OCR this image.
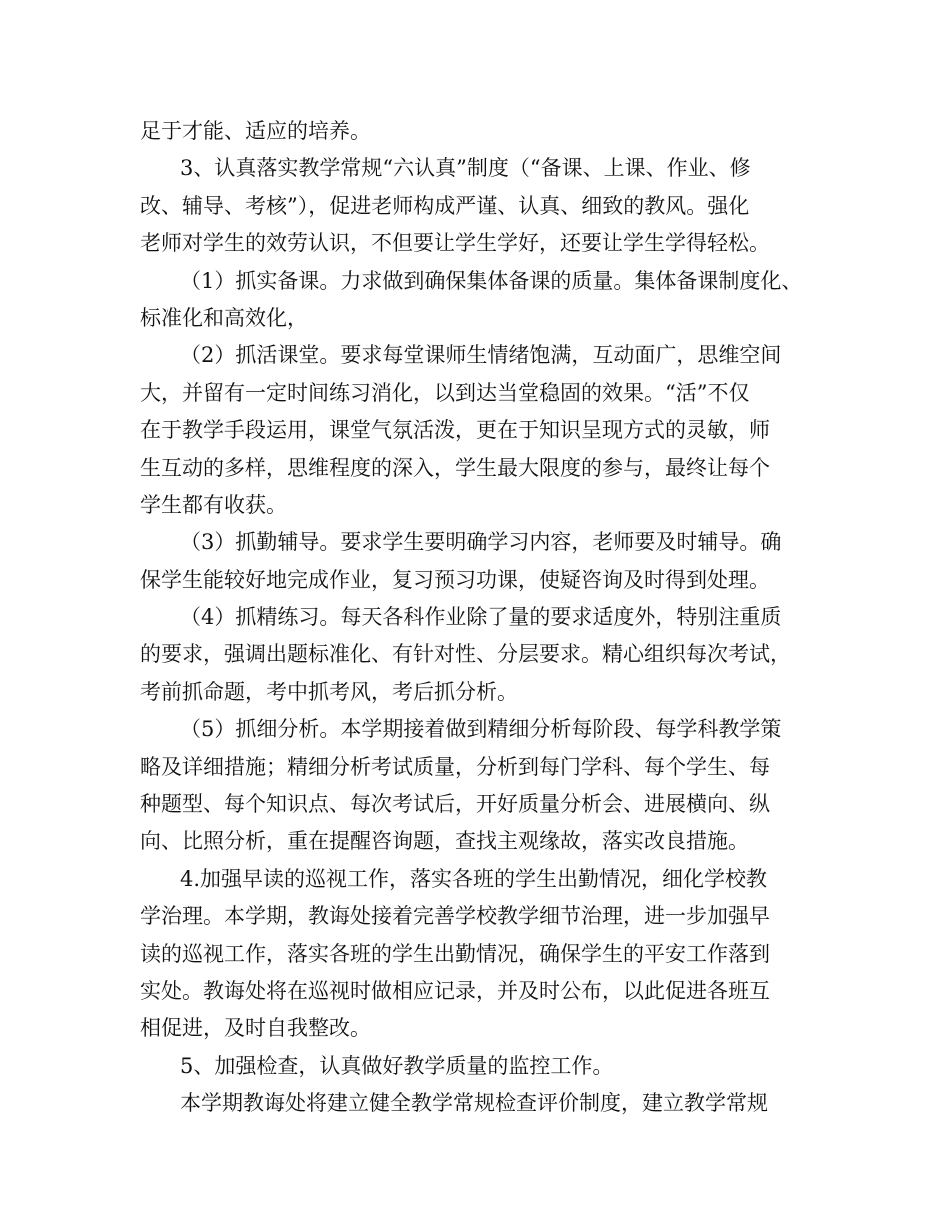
足于才能、适应的培养。
3、认真落实教学常规“六认真”制度（“备课、上课、作业、修
改、辅导、考核”），促进老师构成严谨、认真、细致的教风。强化
老师对学生的效劳认识，不但要让学生学好，还要让学生学得轻松。
（1）抓实备课。力求做到确保集体备课的质量。集体备课制度化、
标准化和高效化，
（2）抓活课堂。要求每堂课师生情绪饱满，互动面广，思维空间
大，并留有一定时间练习消化，以到达当堂稳固的效果。“活”不仅
在于教学手段运用，课堂气氛活泼，更在于知识呈现方式的灵敏，师
生互动的多样，思维程度的深入，学生最大限度的参与，最终让每个
学生都有收获。
（3）抓勤辅导。要求学生要明确学习内容，老师要及时辅导。确
保学生能较好地完成作业，复习预习功课，使疑咨询及时得到处理。
（4）抓精练习。每天各科作业除了量的要求适度外，特别注重质
的要求，强调出题标准化、有针对性、分层要求。精心组织每次考试，
考前抓命题，考中抓考风，考后抓分析。
（5）抓细分析。本学期接着做到精细分析每阶段、每学科教学策
略及详细措施；精细分析考试质量，分析到每门学科、每个学生、每
种题型、每个知识点、每次考试后，开好质量分析会、进展横向、纵
向、比照分析，重在提醒咨询题，查找主观缘故，落实改良措施。
4.加强早读的巡视工作，落实各班的学生出勤情况，细化学校教
学治理。本学期，教诲处接着完善学校教学细节治理，进一步加强早
读的巡视工作，落实各班的学生出勤情况，确保学生的平安工作落到
实处。教诲处将在巡视时做相应记录，并及时公布，以此促进各班互
相促进，及时自我整改。
5、加强检查，认真做好教学质量的监控工作。
本学期教诲处将建立健全教学常规检查评价制度，建立教学常规
